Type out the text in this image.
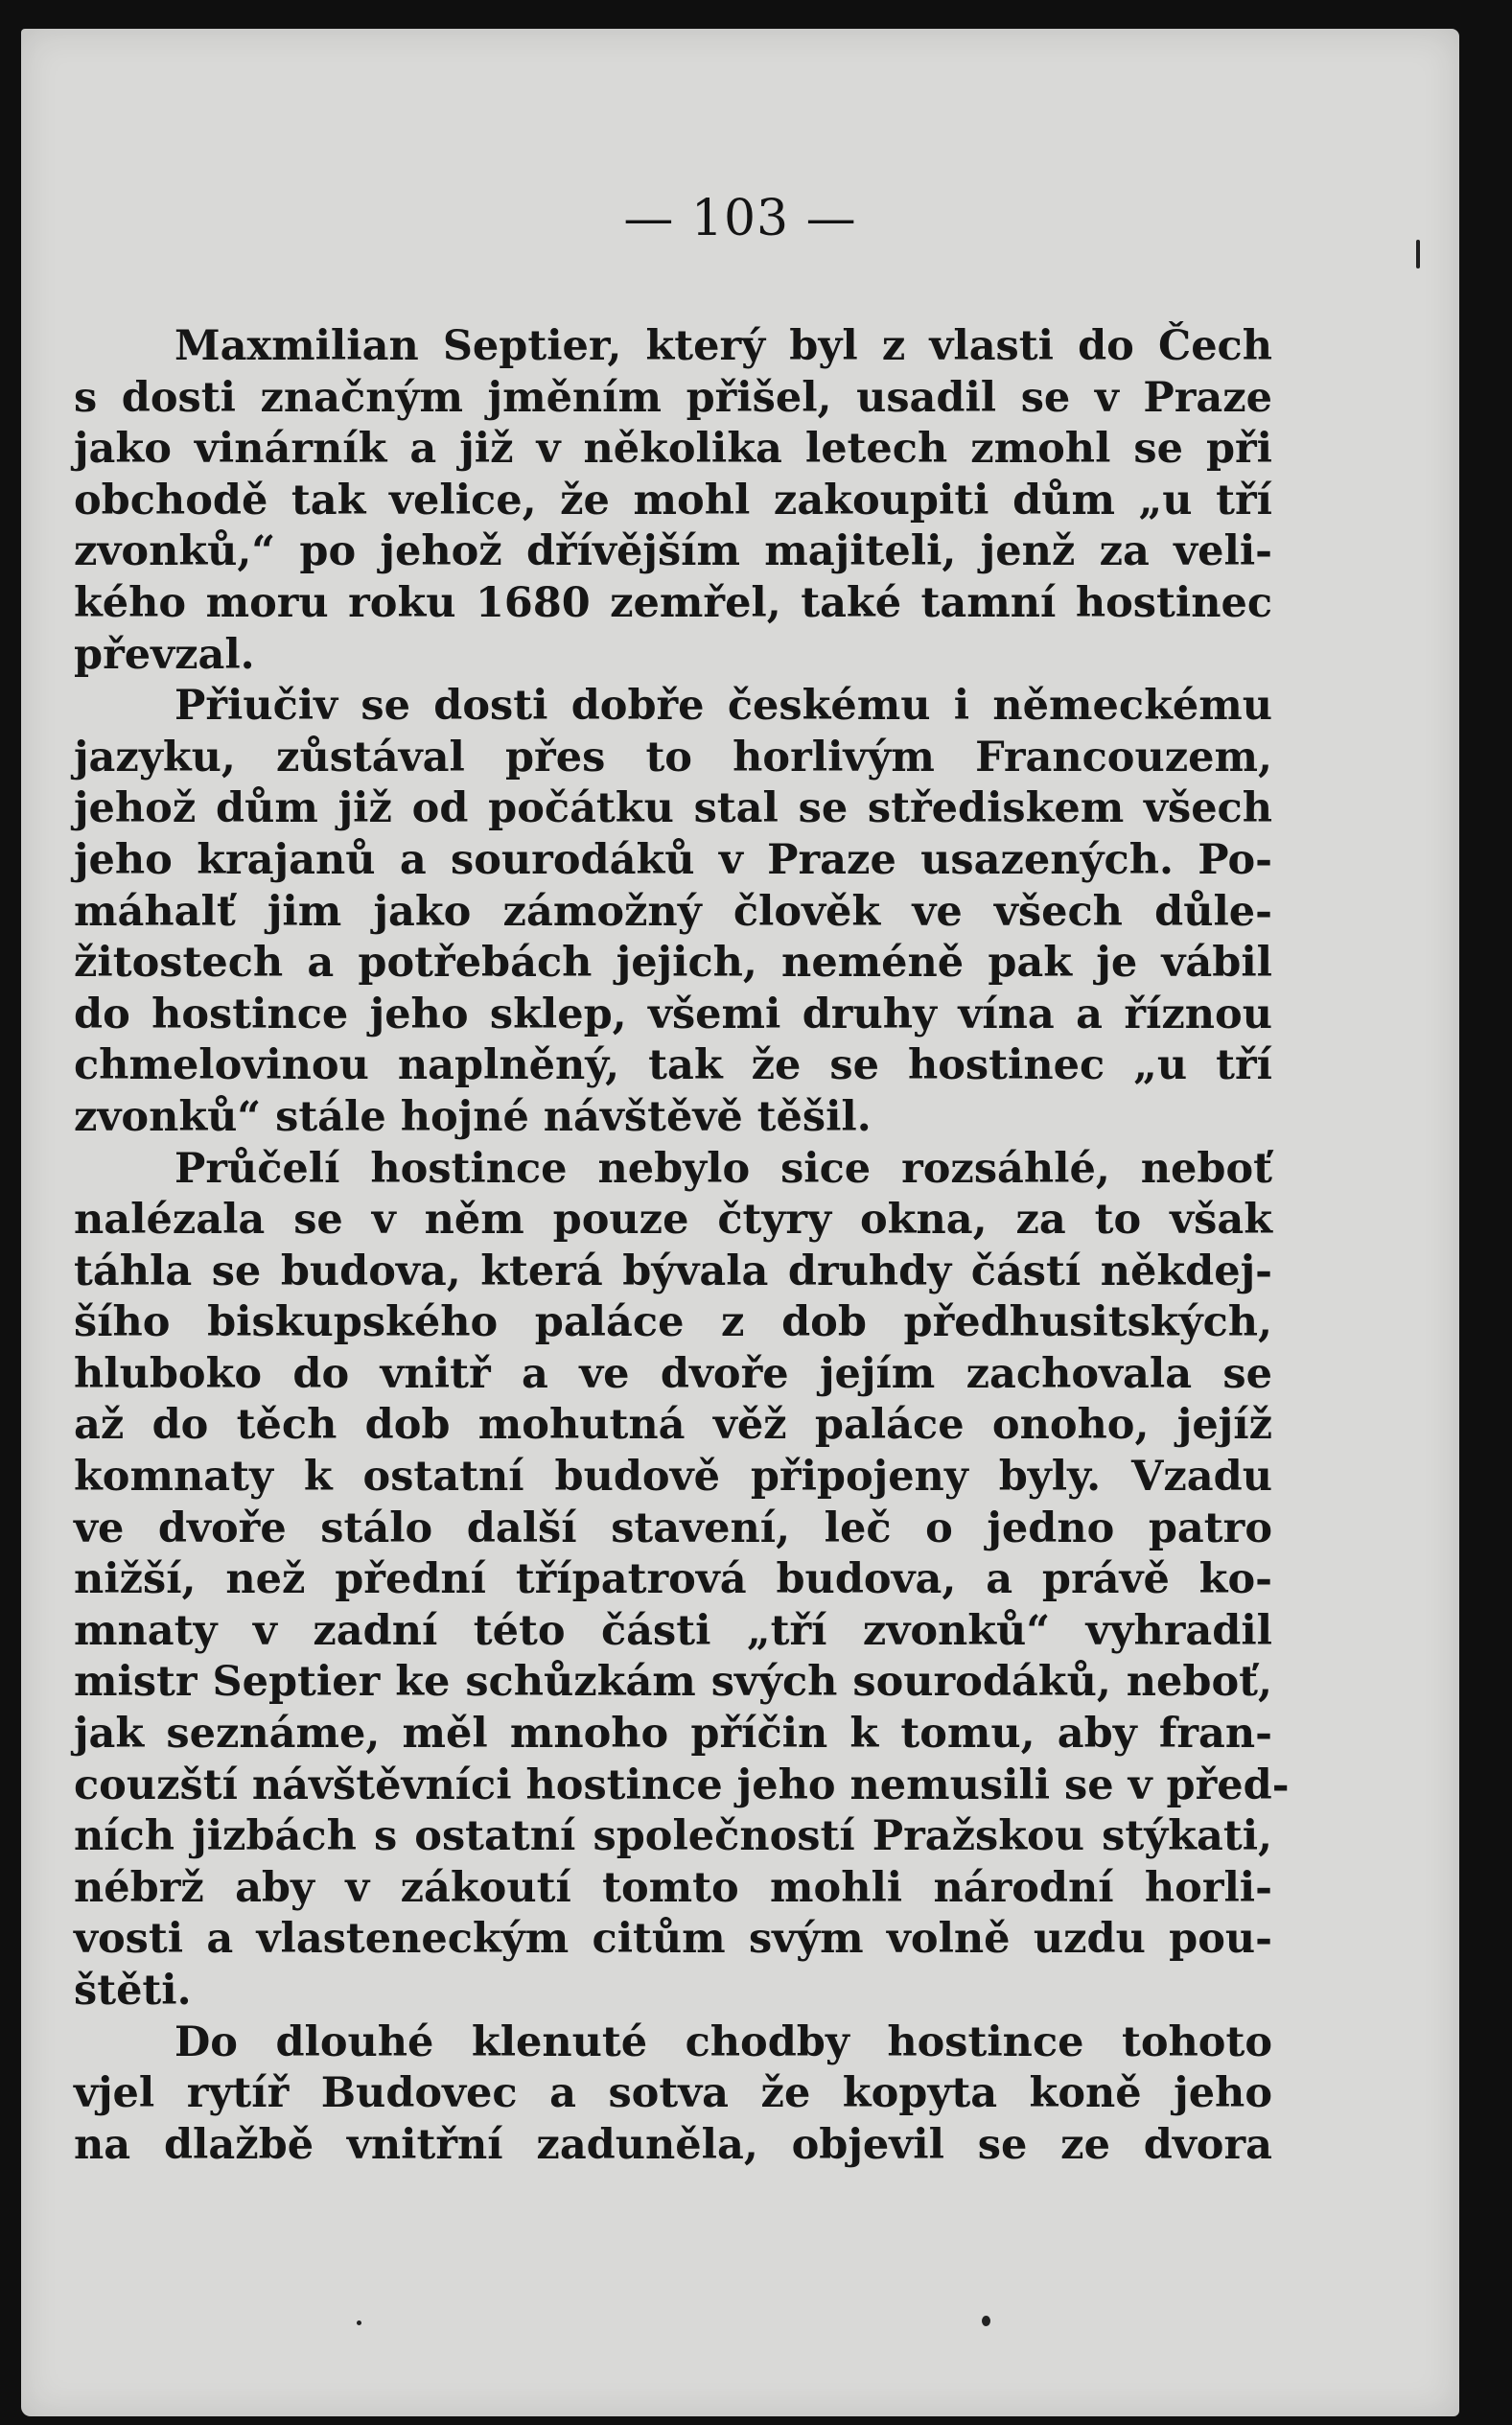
— 103 —
Maxmilian Septier, který byl z vlasti do Čech
s dosti značným jměním přišel, usadil se v Praze
jako vinárník a již v několika letech zmohl se při
obchodě tak velice, že mohl zakoupiti dům „u tří
zvonků,“ po jehož dřívějším majiteli, jenž za veli-
kého moru roku 1680 zemřel, také tamní hostinec
převzal.
Přiučiv se dosti dobře českému i německému
jazyku, zůstával přes to horlivým Francouzem,
jehož dům již od počátku stal se střediskem všech
jeho krajanů a sourodáků v Praze usazených. Po-
máhalť jim jako zámožný člověk ve všech důle-
žitostech a potřebách jejich, neméně pak je vábil
do hostince jeho sklep, všemi druhy vína a říznou
chmelovinou naplněný, tak že se hostinec „u tří
zvonků“ stále hojné návštěvě těšil.
Průčelí hostince nebylo sice rozsáhlé, neboť
nalézala se v něm pouze čtyry okna, za to však
táhla se budova, která bývala druhdy částí někdej-
šího biskupského paláce z dob předhusitských,
hluboko do vnitř a ve dvoře jejím zachovala se
až do těch dob mohutná věž paláce onoho, jejíž
komnaty k ostatní budově připojeny byly. Vzadu
ve dvoře stálo další stavení, leč o jedno patro
nižší, než přední třípatrová budova, a právě ko-
mnaty v zadní této části „tří zvonků“ vyhradil
mistr Septier ke schůzkám svých sourodáků, neboť,
jak seznáme, měl mnoho příčin k tomu, aby fran-
couzští návštěvníci hostince jeho nemusili se v před-
ních jizbách s ostatní společností Pražskou stýkati,
nébrž aby v zákoutí tomto mohli národní horli-
vosti a vlasteneckým citům svým volně uzdu pou-
štěti.
Do dlouhé klenuté chodby hostince tohoto
vjel rytíř Budovec a sotva že kopyta koně jeho
na dlažbě vnitřní zaduněla, objevil se ze dvora
